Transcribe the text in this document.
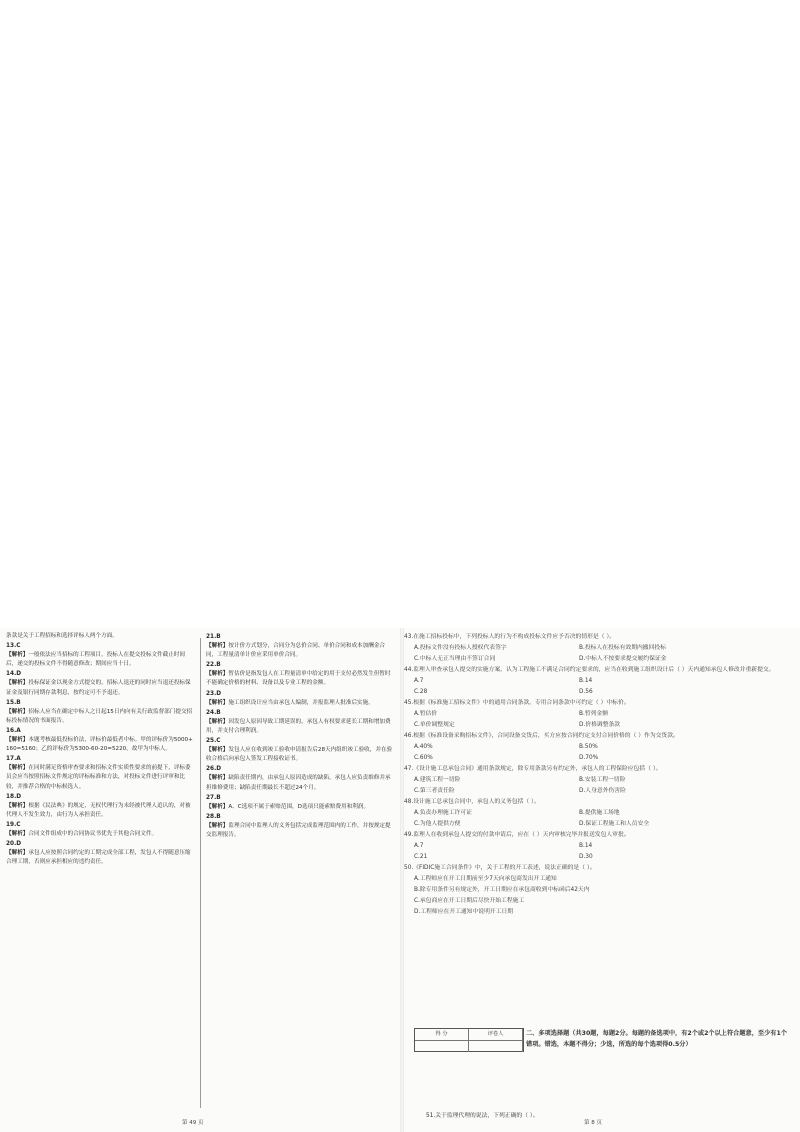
条款是关于工程招标和选择评标人两个方面。

13.C

【解析】一般依法应当招标的工程项目，投标人在提交投标文件截止时间后，递交的投标文件不得随意修改；期间应当十日。

14.D

【解析】投标保证金以现金方式提交的，招标人退还的同时应当退还投标保证金及银行同期存款利息，按约定可不予退还。

15.B

【解析】招标人应当在确定中标人之日起15日内向有关行政监督部门提交招标投标情况的书面报告。

16.A

【解析】本题考核最低投标价法，评标价最低者中标。甲的评标价为5000+160=5160；乙的评标价为5300-60-20=5220，故甲为中标人。

17.A

【解析】在同时满足资格审查要求和招标文件实质性要求的前提下，评标委员会应当按照招标文件规定的评标标准和方法，对投标文件进行评审和比较，并推荐合格的中标候选人。

18.D

【解析】根据《民法典》的规定，无权代理行为未经被代理人追认的，对被代理人不发生效力，由行为人承担责任。

19.C

【解析】合同文件组成中的合同协议书优先于其他合同文件。

20.D

【解析】承包人应按照合同约定的工期完成全部工程，发包人不得随意压缩合理工期，否则应承担相应的违约责任。

21.B

【解析】按计价方式划分，合同分为总价合同、单价合同和成本加酬金合同，工程量清单计价应采用单价合同。

22.B

【解析】暂估价是指发包人在工程量清单中给定的用于支付必然发生但暂时不能确定价格的材料、设备以及专业工程的金额。

23.D

【解析】施工组织设计应当由承包人编制，并报监理人批准后实施。

24.B

【解析】因发包人原因导致工期延误的，承包人有权要求延长工期和增加费用，并支付合理利润。

25.C

【解析】发包人应在收到竣工验收申请报告后28天内组织竣工验收，并在验收合格后向承包人签发工程接收证书。

26.D

【解析】缺陷责任期内，由承包人原因造成的缺陷，承包人应负责维修并承担维修费用；缺陷责任期最长不超过24个月。

27.B

【解析】A、C选项不属于索赔范围，D选项只能索赔费用和利润。

28.B

【解析】监理合同中监理人的义务包括完成监理范围内的工作，并按规定提交监理报告。

第 49 页

43.在施工招标投标中，下列投标人的行为不构成投标文件应予否决的情形是（ ）。

A.投标文件没有投标人授权代表签字	B.投标人在投标有效期内撤回投标

C.中标人无正当理由不签订合同	D.中标人不按要求提交履约保证金

44.监理人审查承包人提交的实施方案，认为工程施工不满足合同约定要求的，应当在收到施工组织设计后（ ）天内通知承包人修改并重新提交。

A.7	B.14

C.28	D.56

45.根据《标准施工招标文件》中的通用合同条款，专用合同条款中可约定（ ）中标价。

A.暂估价	B.暂列金额

C.单价调整规定	D.价格调整条款

46.根据《标准设备采购招标文件》，合同设备交货后，买方应按合同约定支付合同价格的（ ）作为交货款。

A.40%	B.50%

C.60%	D.70%

47.《设计施工总承包合同》通用条款规定，除专用条款另有约定外，承包人的工程保险应包括（ ）。

A.建筑工程一切险	B.安装工程一切险

C.第三者责任险	D.人身意外伤害险

48.设计施工总承包合同中，承包人的义务包括（ ）。

A.负责办理施工许可证	B.提供施工场地

C.为他人提供方便	D.保证工程施工和人员安全

49.监理人在收到承包人提交的付款申请后，应在（ ）天内审核完毕并报送发包人审批。

A.7	B.14

C.21	D.30

50.《FIDIC施工合同条件》中，关于工程的开工表述，说法正确的是（ ）。

A.工程师应在开工日期前至少7天向承包商发出开工通知

B.除专用条件另有规定外，开工日期应在承包商收到中标函后42天内

C.承包商应在开工日期后尽快开始工程施工

D.工程师应在开工通知中说明开工日期

得 分	评卷人	二、多项选择题（共30题，每题2分。每题的备选项中，有2个或2个以上符合题意，至少有1个错项。错选，本题不得分；少选，所选的每个选项得0.5分）
51.关于监理代理的说法，下列正确的（ ）。
第 8 页
